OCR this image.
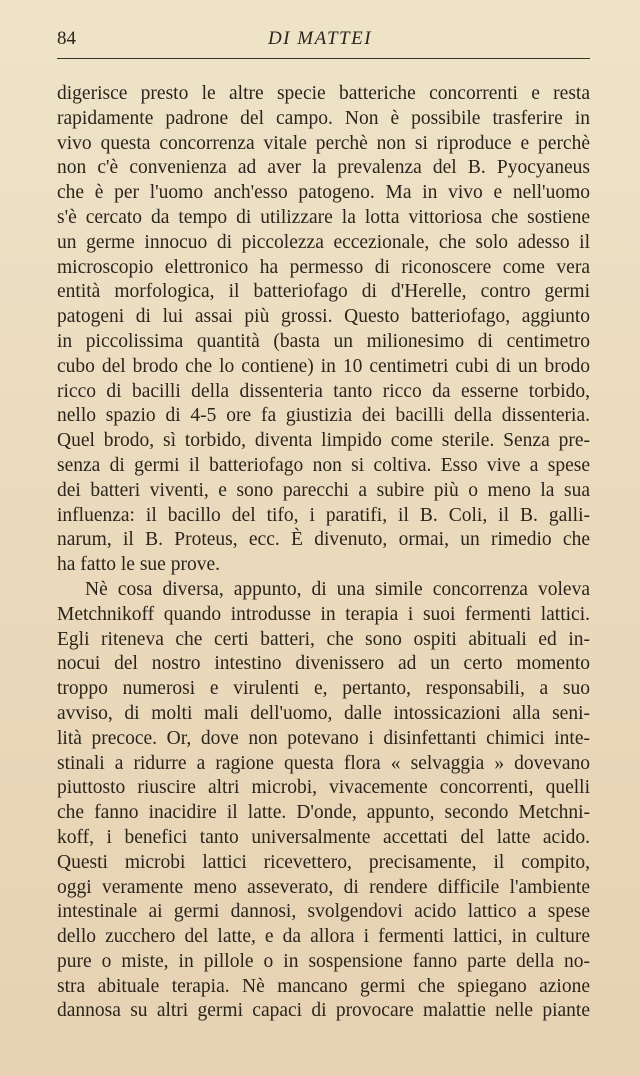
84	DI MATTEI
digerisce presto le altre specie batteriche concorrenti e resta
rapidamente padrone del campo. Non è possibile trasferire in
vivo questa concorrenza vitale perchè non si riproduce e perchè
non c'è convenienza ad aver la prevalenza del B. Pyocyaneus
che è per l'uomo anch'esso patogeno. Ma in vivo e nell'uomo
s'è cercato da tempo di utilizzare la lotta vittoriosa che sostiene
un germe innocuo di piccolezza eccezionale, che solo adesso il
microscopio elettronico ha permesso di riconoscere come vera
entità morfologica, il batteriofago di d'Herelle, contro germi
patogeni di lui assai più grossi. Questo batteriofago, aggiunto
in piccolissima quantità (basta un milionesimo di centimetro
cubo del brodo che lo contiene) in 10 centimetri cubi di un brodo
ricco di bacilli della dissenteria tanto ricco da esserne torbido,
nello spazio di 4-5 ore fa giustizia dei bacilli della dissenteria.
Quel brodo, sì torbido, diventa limpido come sterile. Senza pre-
senza di germi il batteriofago non si coltiva. Esso vive a spese
dei batteri viventi, e sono parecchi a subire più o meno la sua
influenza: il bacillo del tifo, i paratifi, il B. Coli, il B. galli-
narum, il B. Proteus, ecc. È divenuto, ormai, un rimedio che
ha fatto le sue prove.
Nè cosa diversa, appunto, di una simile concorrenza voleva
Metchnikoff quando introdusse in terapia i suoi fermenti lattici.
Egli riteneva che certi batteri, che sono ospiti abituali ed in-
nocui del nostro intestino divenissero ad un certo momento
troppo numerosi e virulenti e, pertanto, responsabili, a suo
avviso, di molti mali dell'uomo, dalle intossicazioni alla seni-
lità precoce. Or, dove non potevano i disinfettanti chimici inte-
stinali a ridurre a ragione questa flora « selvaggia » dovevano
piuttosto riuscire altri microbi, vivacemente concorrenti, quelli
che fanno inacidire il latte. D'onde, appunto, secondo Metchni-
koff, i benefici tanto universalmente accettati del latte acido.
Questi microbi lattici ricevettero, precisamente, il compito,
oggi veramente meno asseverato, di rendere difficile l'ambiente
intestinale ai germi dannosi, svolgendovi acido lattico a spese
dello zucchero del latte, e da allora i fermenti lattici, in culture
pure o miste, in pillole o in sospensione fanno parte della no-
stra abituale terapia. Nè mancano germi che spiegano azione
dannosa su altri germi capaci di provocare malattie nelle piante
